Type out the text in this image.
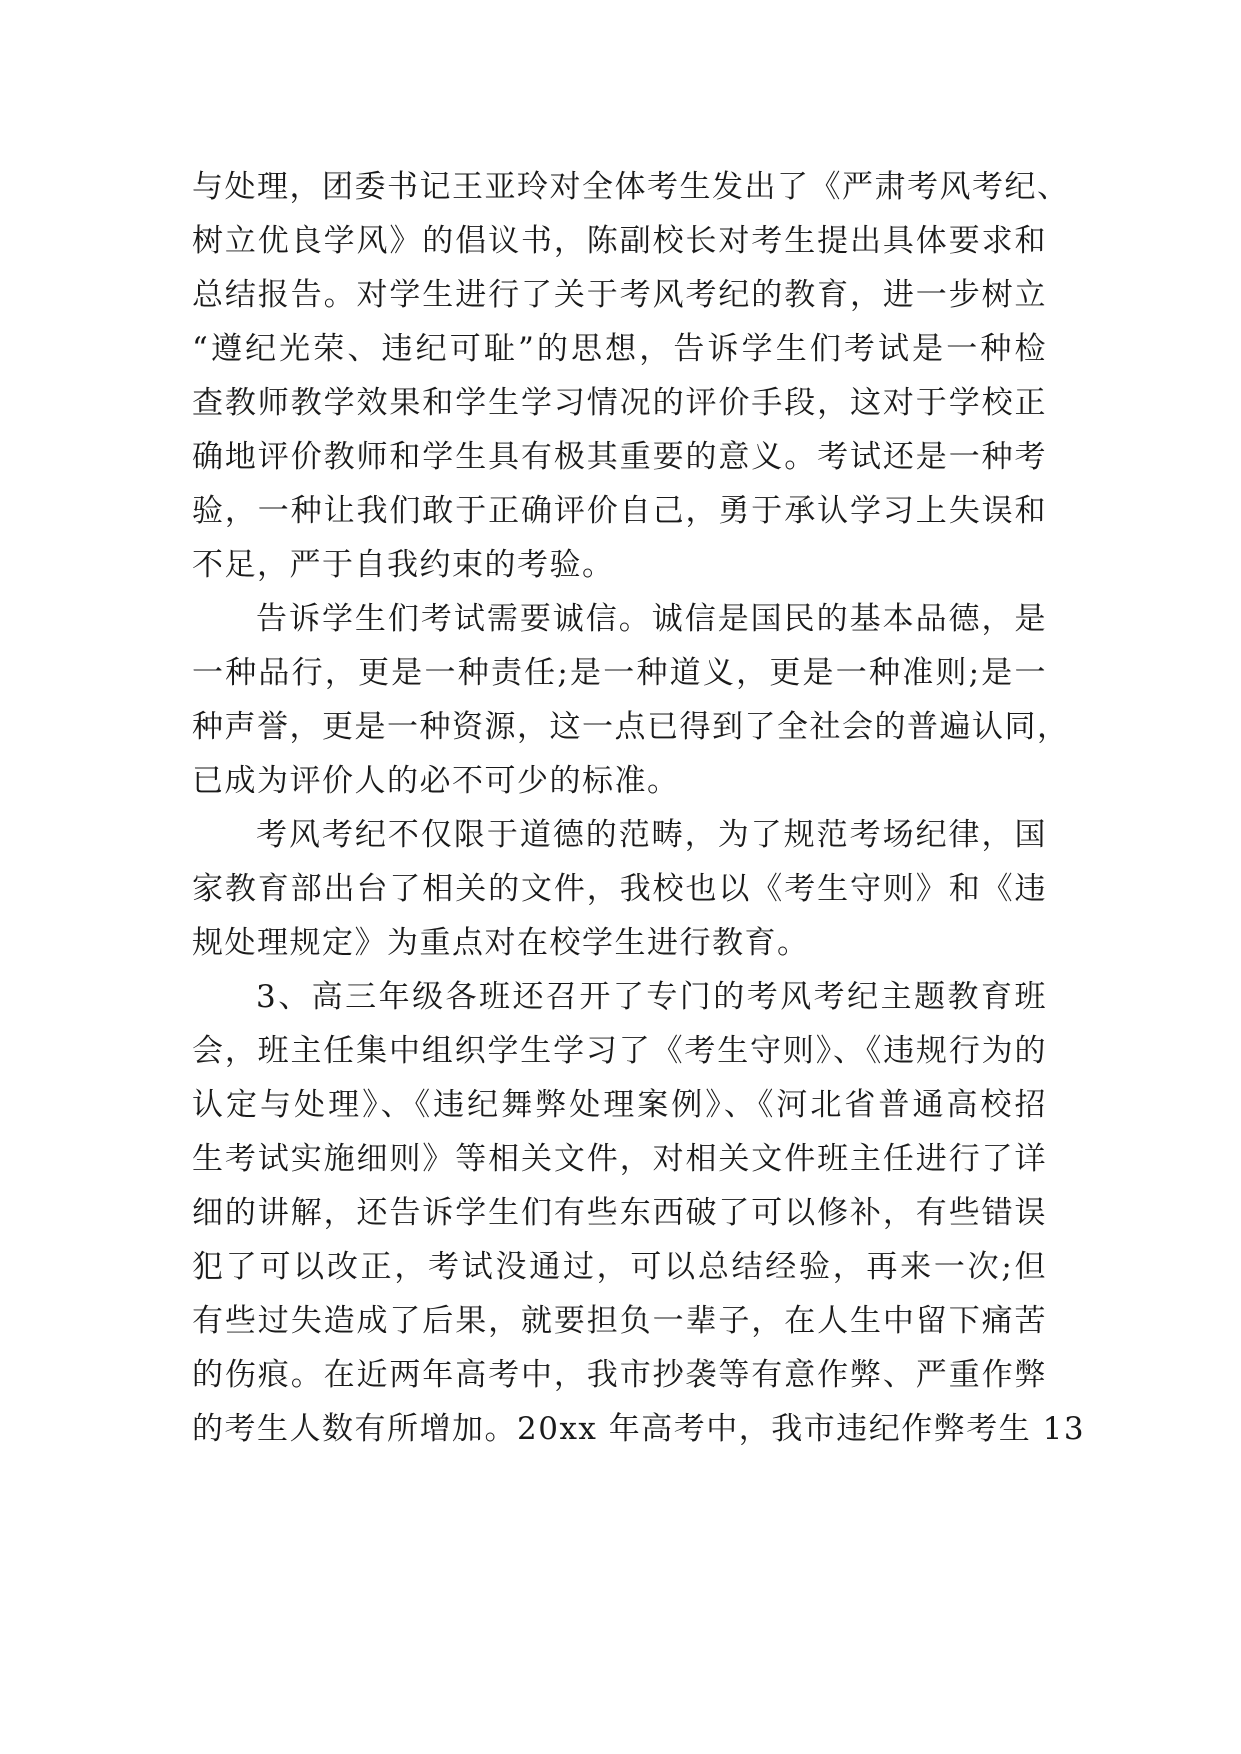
与处理，团委书记王亚玲对全体考生发出了《严肃考风考纪、
树立优良学风》的倡议书，陈副校长对考生提出具体要求和
总结报告。对学生进行了关于考风考纪的教育，进一步树立
“遵纪光荣、违纪可耻”的思想，告诉学生们考试是一种检
查教师教学效果和学生学习情况的评价手段，这对于学校正
确地评价教师和学生具有极其重要的意义。考试还是一种考
验，一种让我们敢于正确评价自己，勇于承认学习上失误和
不足，严于自我约束的考验。
告诉学生们考试需要诚信。诚信是国民的基本品德，是
一种品行，更是一种责任;是一种道义，更是一种准则;是一
种声誉，更是一种资源，这一点已得到了全社会的普遍认同，
已成为评价人的必不可少的标准。
考风考纪不仅限于道德的范畴，为了规范考场纪律，国
家教育部出台了相关的文件，我校也以《考生守则》和《违
规处理规定》为重点对在校学生进行教育。
3、高三年级各班还召开了专门的考风考纪主题教育班
会，班主任集中组织学生学习了《考生守则》、《违规行为的
认定与处理》、《违纪舞弊处理案例》、《河北省普通高校招
生考试实施细则》等相关文件，对相关文件班主任进行了详
细的讲解，还告诉学生们有些东西破了可以修补，有些错误
犯了可以改正，考试没通过，可以总结经验，再来一次;但
有些过失造成了后果，就要担负一辈子，在人生中留下痛苦
的伤痕。在近两年高考中，我市抄袭等有意作弊、严重作弊
的考生人数有所增加。20xx 年高考中，我市违纪作弊考生 13
